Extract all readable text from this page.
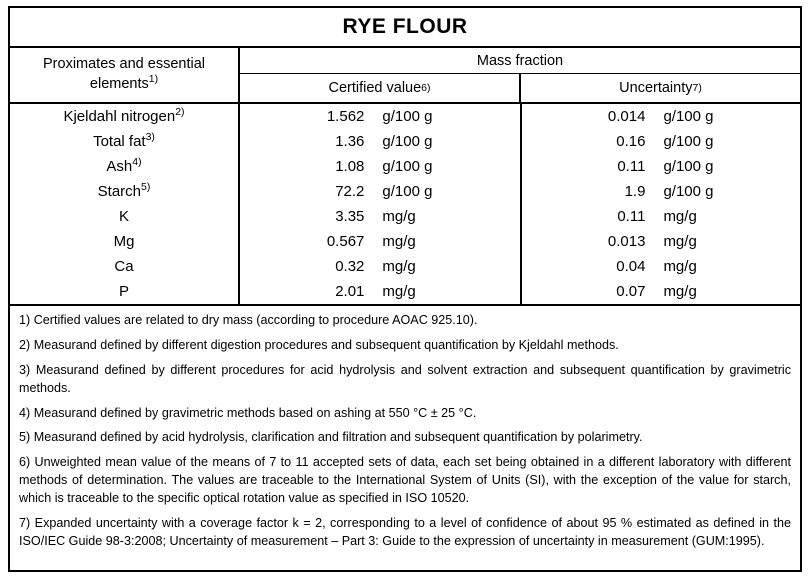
RYE FLOUR
Proximates and essential elements$^{1)}$
Mass fraction
Certified value 6)	Uncertainty 7)
Kjeldahl nitrogen$^{2)}$	1.562	g/100 g	0.014	g/100 g
Total fat$^{3)}$	1.36	g/100 g	0.16	g/100 g
Ash$^{4)}$	1.08	g/100 g	0.11	g/100 g
Starch$^{5)}$	72.2	g/100 g	1.9	g/100 g
K	3.35	mg/g	0.11	mg/g
Mg	0.567	mg/g	0.013	mg/g
Ca	0.32	mg/g	0.04	mg/g
P	2.01	mg/g	0.07	mg/g

1) Certified values are related to dry mass (according to procedure AOAC 925.10).

2) Measurand defined by different digestion procedures and subsequent quantification by Kjeldahl methods.

3) Measurand defined by different procedures for acid hydrolysis and solvent extraction and subsequent quantification by gravimetric methods.

4) Measurand defined by gravimetric methods based on ashing at 550 °C ± 25 °C.

5) Measurand defined by acid hydrolysis, clarification and filtration and subsequent quantification by polarimetry.

6) Unweighted mean value of the means of 7 to 11 accepted sets of data, each set being obtained in a different laboratory with different methods of determination. The values are traceable to the International System of Units (SI), with the exception of the value for starch, which is traceable to the specific optical rotation value as specified in ISO 10520.

7) Expanded uncertainty with a coverage factor k = 2, corresponding to a level of confidence of about 95 % estimated as defined in the ISO/IEC Guide 98-3:2008; Uncertainty of measurement – Part 3: Guide to the expression of uncertainty in measurement (GUM:1995).
